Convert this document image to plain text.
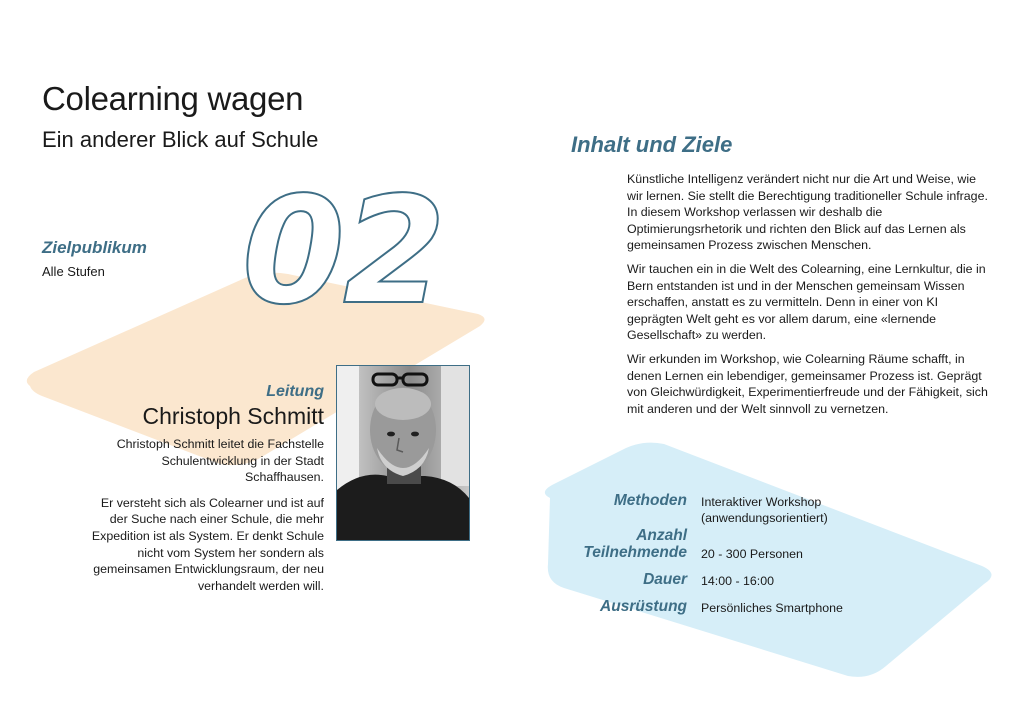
02
Colearning wagen
Ein anderer Blick auf Schule
Zielpublikum
Alle Stufen
Inhalt und Ziele

Künstliche Intelligenz verändert nicht nur die Art und Weise, wie wir lernen. Sie stellt die Berechtigung traditioneller Schule infrage. In diesem Workshop verlassen wir deshalb die Optimierungsrhetorik und richten den Blick auf das Lernen als gemeinsamen Prozess zwischen Menschen.

Wir tauchen ein in die Welt des Colearning, eine Lernkultur, die in Bern entstanden ist und in der Menschen gemeinsam Wissen erschaffen, anstatt es zu vermitteln. Denn in einer von KI geprägten Welt geht es vor allem darum, eine «lernende Gesellschaft» zu werden.

Wir erkunden im Workshop, wie Colearning Räume schafft, in denen Lernen ein lebendiger, gemeinsamer Prozess ist. Geprägt von Gleichwürdigkeit, Experimentierfreude und der Fähigkeit, sich mit anderen und der Welt sinnvoll zu vernetzen.

Leitung
Christoph Schmitt

Christoph Schmitt leitet die Fachstelle Schulentwicklung in der Stadt Schaffhausen.

Er versteht sich als Colearner und ist auf der Suche nach einer Schule, die mehr Expedition ist als System. Er denkt Schule nicht vom System her sondern als gemeinsamen Entwicklungsraum, der neu verhandelt werden will.

Methoden Interaktiver Workshop
(anwendungsorientiert)
Anzahl
Teilnehmende 20 - 300 Personen
Dauer 14:00 - 16:00
Ausrüstung Persönliches Smartphone
